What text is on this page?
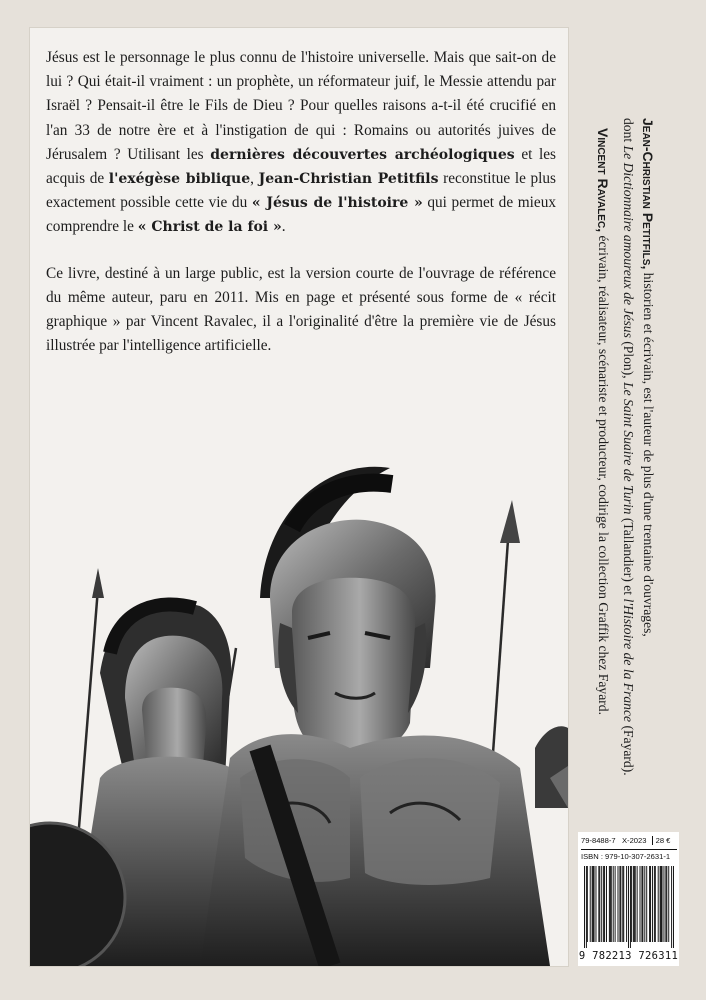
Jésus est le personnage le plus connu de l'histoire universelle. Mais que sait-on de lui ? Qui était-il vraiment : un prophète, un réformateur juif, le Messie attendu par Israël ? Pensait-il être le Fils de Dieu ? Pour quelles raisons a-t-il été crucifié en l'an 33 de notre ère et à l'instigation de qui : Romains ou autorités juives de Jérusalem ? Utilisant les dernières découvertes archéologiques et les acquis de l'exégèse biblique, Jean-Christian Petitfils reconstitue le plus exactement possible cette vie du « Jésus de l'histoire » qui permet de mieux comprendre le « Christ de la foi ».

Ce livre, destiné à un large public, est la version courte de l'ouvrage de référence du même auteur, paru en 2011. Mis en page et présenté sous forme de « récit graphique » par Vincent Ravalec, il a l'originalité d'être la première vie de Jésus illustrée par l'intelligence artificielle.

Jean-Christian Petitfils, historien et écrivain, est l'auteur de plus d'une trentaine d'ouvrages,
dont Le Dictionnaire amoureux de Jésus (Plon), Le Saint Suaire de Turin (Tallandier) et l'Histoire de la France (Fayard).
Vincent Ravalec, écrivain, réalisateur, scénariste et producteur, codirige la collection Graffik chez Fayard.
79-8488-7 X-2023 28 €
ISBN : 979-10-307-2631-1
9 782213 726311
